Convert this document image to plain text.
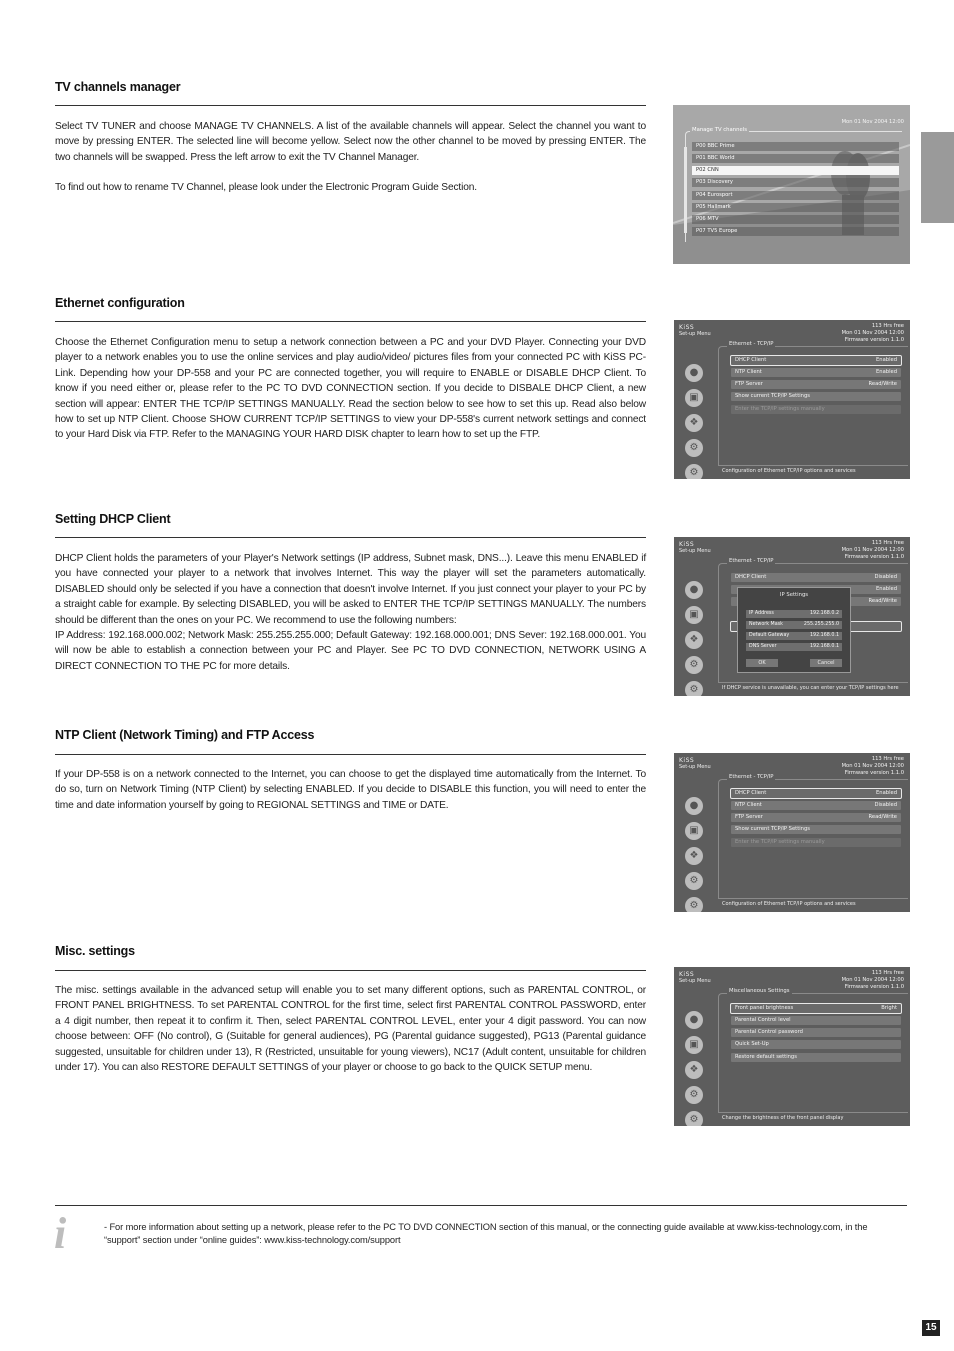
TV channels manager

Select TV TUNER and choose MANAGE TV CHANNELS. A list of the available channels will appear. Select the channel you want to move by pressing ENTER. The selected line will become yellow. Select now the other channel to be moved by pressing ENTER. The two channels will be swapped. Press the left arrow to exit the TV Channel Manager.

To find out how to rename TV Channel, please look under the Electronic Program Guide Section.

Mon 01 Nov 2004 12:00
Manage TV channels
P00 BBC Prime
P01 BBC World
P02 CNN
P03 Discovery
P04 Eurosport
P05 Hallmark
P06 MTV
P07 TV5 Europe
Ethernet configuration

Choose the Ethernet Configuration menu to setup a network connection between a PC and your DVD Player. Connecting your DVD player to a network enables you to use the online services and play audio/video/ pictures files from your connected PC with KiSS PC-Link. Depending how your DP-558 and your PC are connected together, you will require to ENABLE or DISABLE DHCP Client. To know if you need either or, please refer to the PC TO DVD CONNECTION section. If you decide to DISBALE DHCP Client, a new section will appear: ENTER THE TCP/IP SETTINGS MANUALLY. Read the section below to see how to set this up. Read also below how to set up NTP Client. Choose SHOW CURRENT TCP/IP SETTINGS to view your DP-558's current network settings and connect to your Hard Disk via FTP. Refer to the MANAGING YOUR HARD DISK chapter to learn how to set up the FTP.

KiSS
Set-up Menu
113 Hrs free
Mon 01 Nov 2004 12:00
Firmware version 1.1.0
Ethernet - TCP/IP
●
▣
❖
⚙
⚙
DHCP Client	Enabled
NTP Client	Enabled
FTP Server	Read/Write
Show current TCP/IP Settings
Enter the TCP/IP settings manually
Configuration of Ethernet TCP/IP options and services
Setting DHCP Client

DHCP Client holds the parameters of your Player's Network settings (IP address, Subnet mask, DNS...). Leave this menu ENABLED if you have connected your player to a network that involves Internet. This way the player will set the parameters automatically. DISABLED should only be selected if you have a connection that doesn't involve Internet. If you just connect your player to your PC by a straight cable for example. By selecting DISABLED, you will be asked to ENTER THE TCP/IP SETTINGS MANUALLY. The numbers should be different than the ones on your PC. We recommend to use the following numbers:

IP Address: 192.168.000.002; Network Mask: 255.255.255.000; Default Gateway: 192.168.000.001; DNS Sever: 192.168.000.001. You will now be able to establish a connection between your PC and Player. See PC TO DVD CONNECTION, NETWORK USING A DIRECT CONNECTION TO THE PC for more details.

KiSS
Set-up Menu
113 Hrs free
Mon 01 Nov 2004 12:00
Firmware version 1.1.0
Ethernet - TCP/IP
●
▣
❖
⚙
⚙
DHCP Client	Disabled
Enabled
Read/Write
IP Settings
IP Address	192.168.0.2
Network Mask	255.255.255.0
Default Gateway	192.168.0.1
DNS Server	192.168.0.1
OK	Cancel
If DHCP service is unavailable, you can enter your TCP/IP settings here
NTP Client (Network Timing) and FTP Access

If your DP-558 is on a network connected to the Internet, you can choose to get the displayed time automatically from the Internet. To do so, turn on Network Timing (NTP Client) by selecting ENABLED. If you decide to DISABLE this function, you will need to enter the time and date information yourself by going to REGIONAL SETTINGS and TIME or DATE.

KiSS
Set-up Menu
113 Hrs free
Mon 01 Nov 2004 12:00
Firmware version 1.1.0
Ethernet - TCP/IP
●
▣
❖
⚙
⚙
DHCP Client	Enabled
NTP Client	Disabled
FTP Server	Read/Write
Show current TCP/IP Settings
Enter the TCP/IP settings manually
Configuration of Ethernet TCP/IP options and services
Misc. settings

The misc. settings available in the advanced setup will enable you to set many different options, such as PARENTAL CONTROL, or FRONT PANEL BRIGHTNESS. To set PARENTAL CONTROL for the first time, select first PARENTAL CONTROL PASSWORD, enter a 4 digit number, then repeat it to confirm it. Then, select PARENTAL CONTROL LEVEL, enter your 4 digit password. You can now choose between: OFF (No control), G (Suitable for general audiences), PG (Parental guidance suggested), PG13 (Parental guidance suggested, unsuitable for children under 13), R (Restricted, unsuitable for young viewers), NC17 (Adult content, unsuitable for children under 17). You can also RESTORE DEFAULT SETTINGS of your player or choose to go back to the QUICK SETUP menu.

KiSS
Set-up Menu
113 Hrs free
Mon 01 Nov 2004 12:00
Firmware version 1.1.0
Miscellaneous Settings
●
▣
❖
⚙
⚙
Front panel brightness	Bright
Parental Control level
Parental Control password
Quick Set-Up
Restore default settings
Change the brightness of the front panel display
i	- For more information about setting up a network, please refer to the PC TO DVD CONNECTION section of this manual, or the connecting guide available at www.kiss-technology.com, in the “support” section under “online guides”: www.kiss-technology.com/support
15
